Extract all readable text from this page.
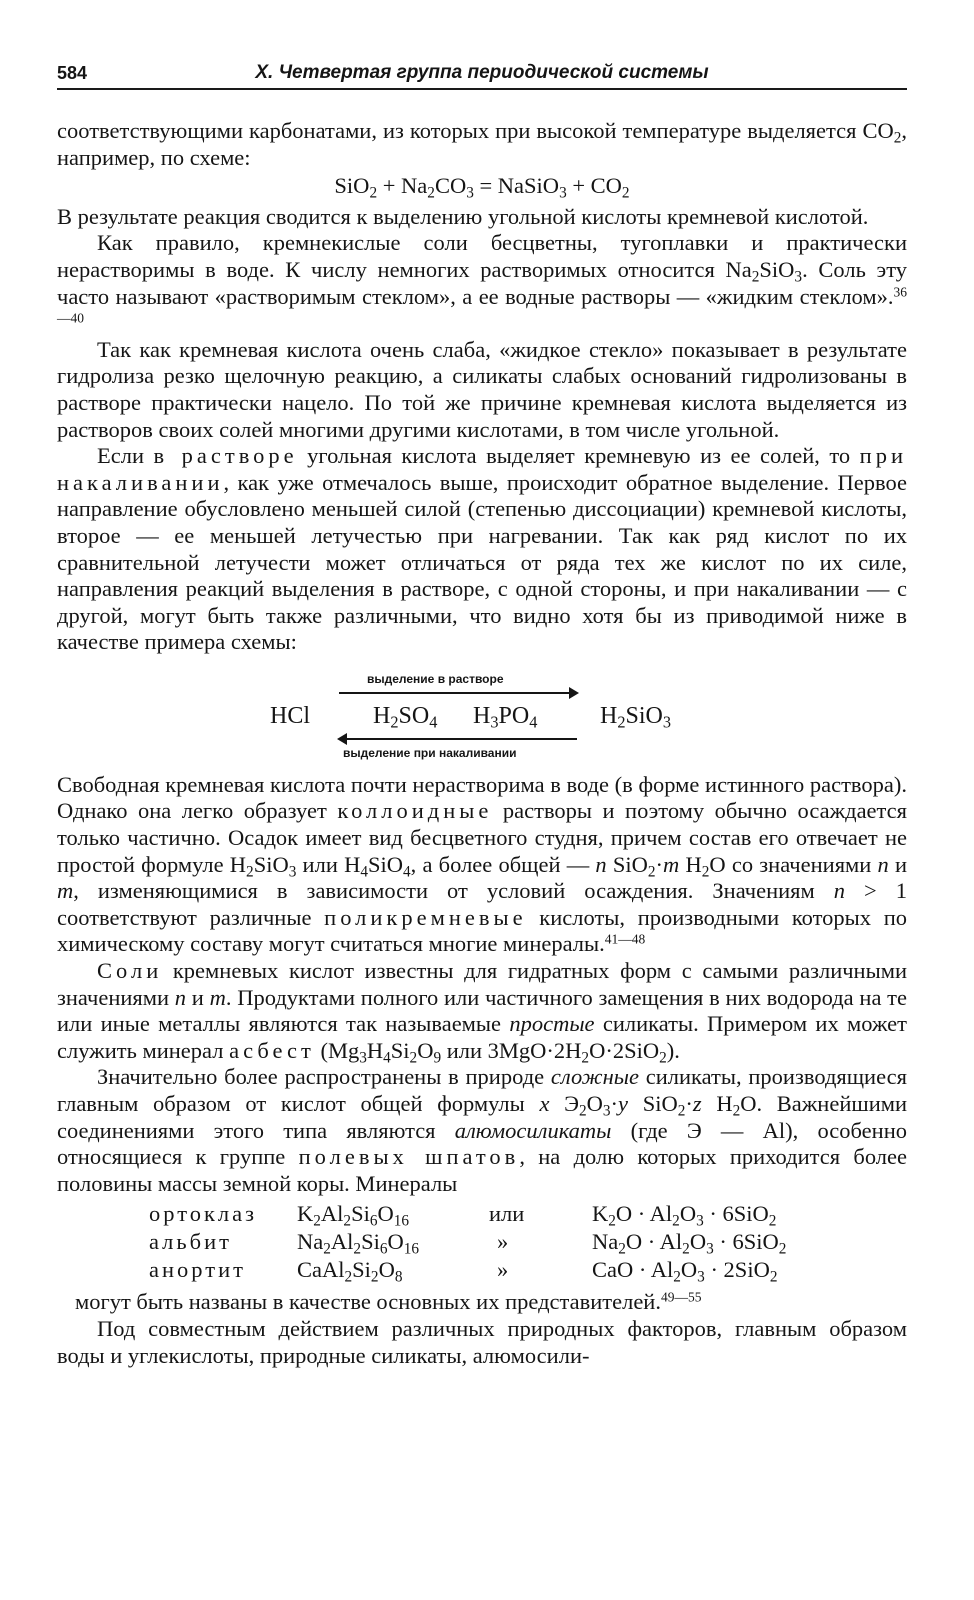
584	X. Четвертая группа периодической системы

соответствующими карбонатами, из которых при высокой температуре выделяется $CO_2$, например, по схеме:

$SiO_2 + Na_2CO_3$ = NaSiO$_3$ + $CO_2$

В результате реакция сводится к выделению угольной кислоты кремневой кислотой.

Как правило, кремнекислые соли бесцветны, тугоплавки и практически нерастворимы в воде. К числу немногих растворимых относится $Na_2SiO_3$. Соль эту часто называют «растворимым стеклом», а ее водные растворы — «жидким стеклом».$^{36—40}$

Так как кремневая кислота очень слаба, «жидкое стекло» показывает в результате гидролиза резко щелочную реакцию, а силикаты слабых оснований гидролизованы в растворе практически нацело. По той же причине кремневая кислота выделяется из растворов своих солей многими другими кислотами, в том числе угольной.

Если в растворе угольная кислота выделяет кремневую из ее солей, то при накаливании, как уже отмечалось выше, происходит обратное выделение. Первое направление обусловлено меньшей силой (степенью диссоциации) кремневой кислоты, второе — ее меньшей летучестью при нагревании. Так как ряд кислот по их сравнительной летучести может отличаться от ряда тех же кислот по их силе, направления реакций выделения в растворе, с одной стороны, и при накаливании — с другой, могут быть также различными, что видно хотя бы из приводимой ниже в качестве примера схемы:

выделение в растворе
HCl	$H_2SO_4$ $H_3PO_4$	$H_2SiO_3$
выделение при накаливании

Свободная кремневая кислота почти нерастворима в воде (в форме истинного раствора). Однако она легко образует коллоидные растворы и поэтому обычно осаждается только частично. Осадок имеет вид бесцветного студня, причем состав его отвечает не простой формуле $H_2SiO_3$ или $H_4SiO_4$, а более общей — n SiO$_2$·m $H_2O$ со значениями n и m, изменяющимися в зависимости от условий осаждения. Значениям n > 1 соответствуют различные поликремневые кислоты, производными которых по химическому составу могут считаться многие минералы.$^{41—48}$

Соли кремневых кислот известны для гидратных форм с самыми различными значениями n и m. Продуктами полного или частичного замещения в них водорода на те или иные металлы являются так называемые простые силикаты. Примером их может служить минерал асбест ($Mg_3H_4Si_2O_9$ или $3MgO\cdot 2H_2O\cdot 2SiO_2$).

Значительно более распространены в природе сложные силикаты, производящиеся главным образом от кислот общей формулы x $Э_2O_3\cdot y$ SiO$_2$·z $H_2O$. Важнейшими соединениями этого типа являются алюмосиликаты (где Э — Al), особенно относящиеся к группе полевых шпатов, на долю которых приходится более половины массы земной коры. Минералы

ортоклаз $K_2Al_2Si_6O_{16}$	или	$K_2O \cdot Al_2O_3 \cdot 6SiO_2$
альбит	$Na_2Al_2Si_6O_{16}$	»	$Na_2O \cdot Al_2O_3 \cdot 6SiO_2$
анортит $CaAl_2Si_2O_8$	»	CaO · $Al_2O_3 \cdot 2SiO_2$

могут быть названы в качестве основных их представителей.$^{49—55}$

Под совместным действием различных природных факторов, главным образом воды и углекислоты, природные силикаты, алюмосили-
